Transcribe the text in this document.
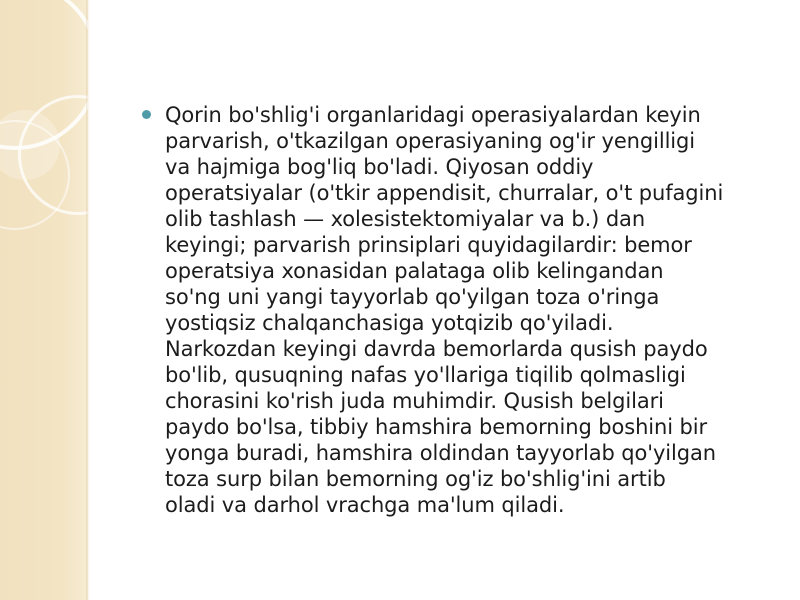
Qorin bo'shlig'i organlaridagi operasiyalardan keyin
parvarish, o'tkazilgan operasiyaning og'ir yengilligi
va hajmiga bog'liq bo'ladi. Qiyosan oddiy
operatsiyalar (o'tkir appendisit, churralar, o't pufagini
olib tashlash — xolesistektomiyalar va b.) dan
keyingi; parvarish prinsiplari quyidagilardir: bemor
operatsiya xonasidan palataga olib kelingandan
so'ng uni yangi tayyorlab qo'yilgan toza o'ringa
yostiqsiz chalqanchasiga yotqizib qo'yiladi.
Narkozdan keyingi davrda bemorlarda qusish paydo
bo'lib, qusuqning nafas yo'llariga tiqilib qolmasligi
chorasini ko'rish juda muhimdir. Qusish belgilari
paydo bo'lsa, tibbiy hamshira bemorning boshini bir
yonga buradi, hamshira oldindan tayyorlab qo'yilgan
toza surp bilan bemorning og'iz bo'shlig'ini artib
oladi va darhol vrachga ma'lum qiladi.
